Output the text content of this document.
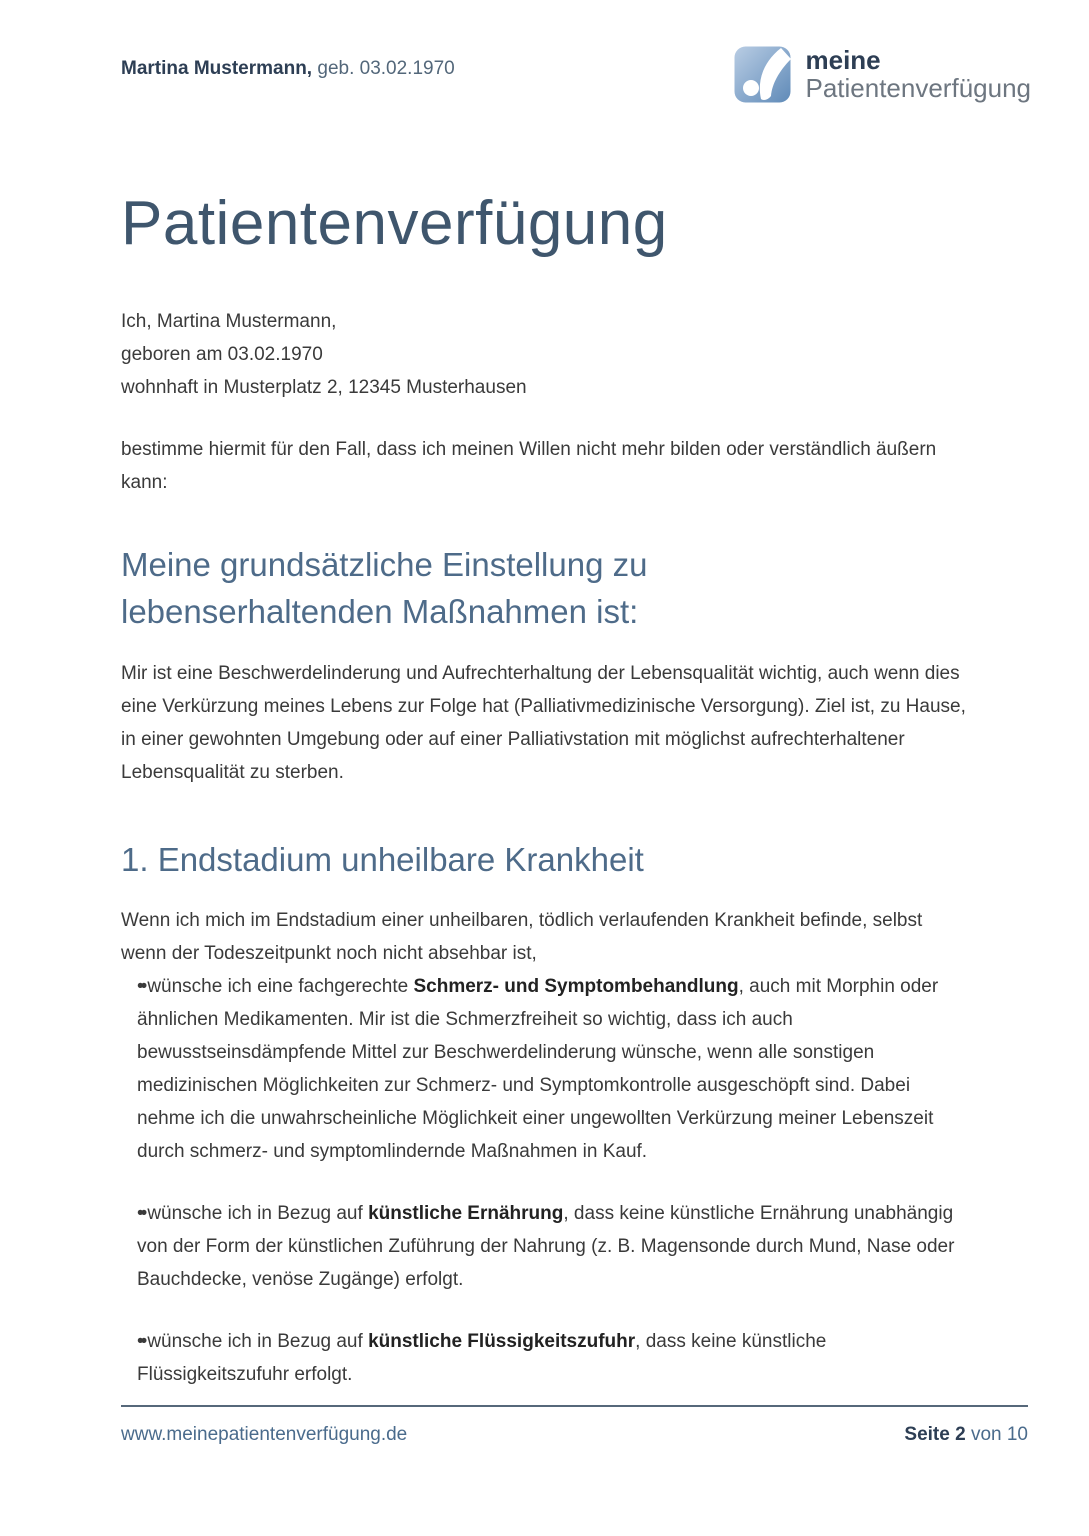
Martina Mustermann, geb. 03.02.1970	meine
Patientenverfügung
Patientenverfügung
Ich, Martina Mustermann,
geboren am 03.02.1970
wohnhaft in Musterplatz 2, 12345 Musterhausen

bestimme hiermit für den Fall, dass ich meinen Willen nicht mehr bilden oder verständlich äußern kann:

Meine grundsätzliche Einstellung zu lebenserhaltenden Maßnahmen ist:

Mir ist eine Beschwerdelinderung und Aufrechterhaltung der Lebensqualität wichtig, auch wenn dies eine Verkürzung meines Lebens zur Folge hat (Palliativmedizinische Versorgung). Ziel ist, zu Hause, in einer gewohnten Umgebung oder auf einer Palliativstation mit möglichst aufrechterhaltener Lebensqualität zu sterben.

1. Endstadium unheilbare Krankheit

Wenn ich mich im Endstadium einer unheilbaren, tödlich verlaufenden Krankheit befinde, selbst wenn der Todeszeitpunkt noch nicht absehbar ist,

•• wünsche ich eine fachgerechte Schmerz- und Symptombehandlung, auch mit Morphin oder ähnlichen Medikamenten. Mir ist die Schmerzfreiheit so wichtig, dass ich auch bewusstseinsdämpfende Mittel zur Beschwerdelinderung wünsche, wenn alle sonstigen medizinischen Möglichkeiten zur Schmerz- und Symptomkontrolle ausgeschöpft sind. Dabei nehme ich die unwahrscheinliche Möglichkeit einer ungewollten Verkürzung meiner Lebenszeit durch schmerz- und symptomlindernde Maßnahmen in Kauf.
•• wünsche ich in Bezug auf künstliche Ernährung, dass keine künstliche Ernährung unabhängig von der Form der künstlichen Zuführung der Nahrung (z. B. Magensonde durch Mund, Nase oder Bauchdecke, venöse Zugänge) erfolgt.
•• wünsche ich in Bezug auf künstliche Flüssigkeitszufuhr, dass keine künstliche Flüssigkeitszufuhr erfolgt.
www.meinepatientenverfügung.de	Seite 2 von 10
